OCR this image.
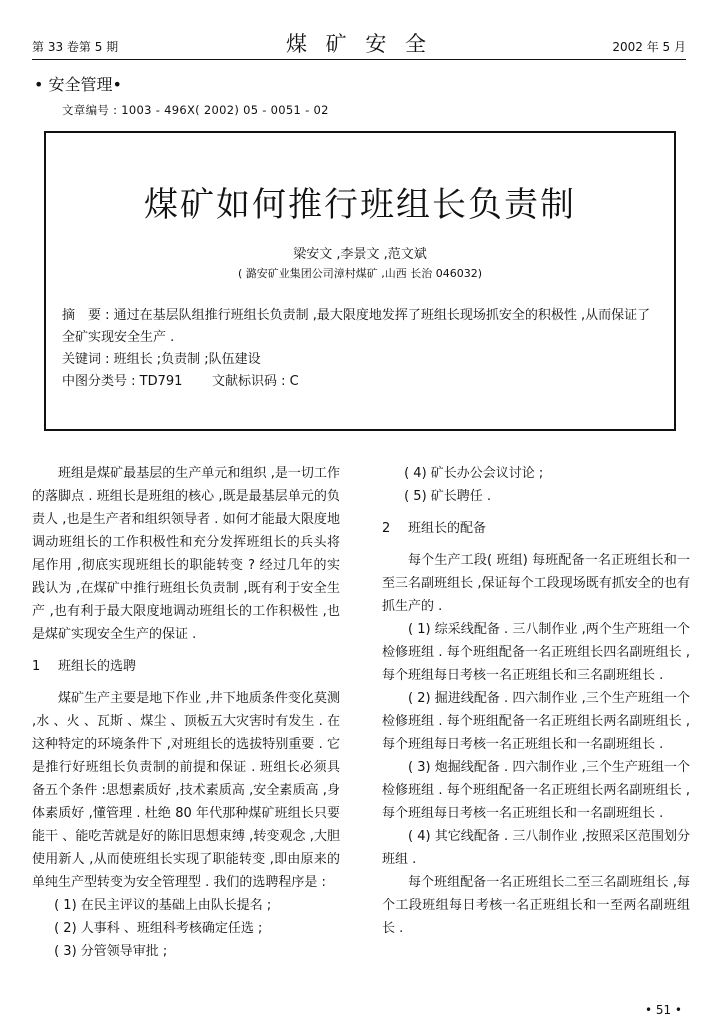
第 33 卷第 5 期	煤 矿 安 全	2002 年 5 月
• 安全管理•
文章编号 : 1003 - 496X( 2002) 05 - 0051 - 02
煤矿如何推行班组长负责制
梁安文 ,李景文 ,范文斌
( 潞安矿业集团公司漳村煤矿 ,山西 长治 046032)

摘　要 : 通过在基层队组推行班组长负责制 ,最大限度地发挥了班组长现场抓安全的积极性 ,从而保证了全矿实现安全生产 .

关键词 : 班组长 ;负责制 ;队伍建设

中图分类号 : TD791 文献标识码 : C

班组是煤矿最基层的生产单元和组织 ,是一切工作的落脚点 . 班组长是班组的核心 ,既是最基层单元的负责人 ,也是生产者和组织领导者 . 如何才能最大限度地调动班组长的工作积极性和充分发挥班组长的兵头将尾作用 ,彻底实现班组长的职能转变 ? 经过几年的实践认为 ,在煤矿中推行班组长负责制 ,既有利于安全生产 ,也有利于最大限度地调动班组长的工作积极性 ,也是煤矿实现安全生产的保证 .

1 班组长的选聘

煤矿生产主要是地下作业 ,井下地质条件变化莫测 ,水 、火 、瓦斯 、煤尘 、顶板五大灾害时有发生 . 在这种特定的环境条件下 ,对班组长的选拔特别重要 . 它是推行好班组长负责制的前提和保证 . 班组长必须具备五个条件 :思想素质好 ,技术素质高 ,安全素质高 ,身体素质好 ,懂管理 . 杜绝 80 年代那种煤矿班组长只要能干 、能吃苦就是好的陈旧思想束缚 ,转变观念 ,大胆使用新人 ,从而使班组长实现了职能转变 ,即由原来的单纯生产型转变为安全管理型 . 我们的选聘程序是 :

( 1) 在民主评议的基础上由队长提名 ;

( 2) 人事科 、班组科考核确定任选 ;

( 3) 分管领导审批 ;

( 4) 矿长办公会议讨论 ;

( 5) 矿长聘任 .

2 班组长的配备

每个生产工段( 班组) 每班配备一名正班组长和一至三名副班组长 ,保证每个工段现场既有抓安全的也有抓生产的 .

( 1) 综采线配备 . 三八制作业 ,两个生产班组一个检修班组 . 每个班组配备一名正班组长四名副班组长 ,每个班组每日考核一名正班组长和三名副班组长 .

( 2) 掘进线配备 . 四六制作业 ,三个生产班组一个检修班组 . 每个班组配备一名正班组长两名副班组长 ,每个班组每日考核一名正班组长和一名副班组长 .

( 3) 炮掘线配备 . 四六制作业 ,三个生产班组一个检修班组 . 每个班组配备一名正班组长两名副班组长 ,每个班组每日考核一名正班组长和一名副班组长 .

( 4) 其它线配备 . 三八制作业 ,按照采区范围划分班组 .

每个班组配备一名正班组长二至三名副班组长 ,每个工段班组每日考核一名正班组长和一至两名副班组长 .

• 51 •
